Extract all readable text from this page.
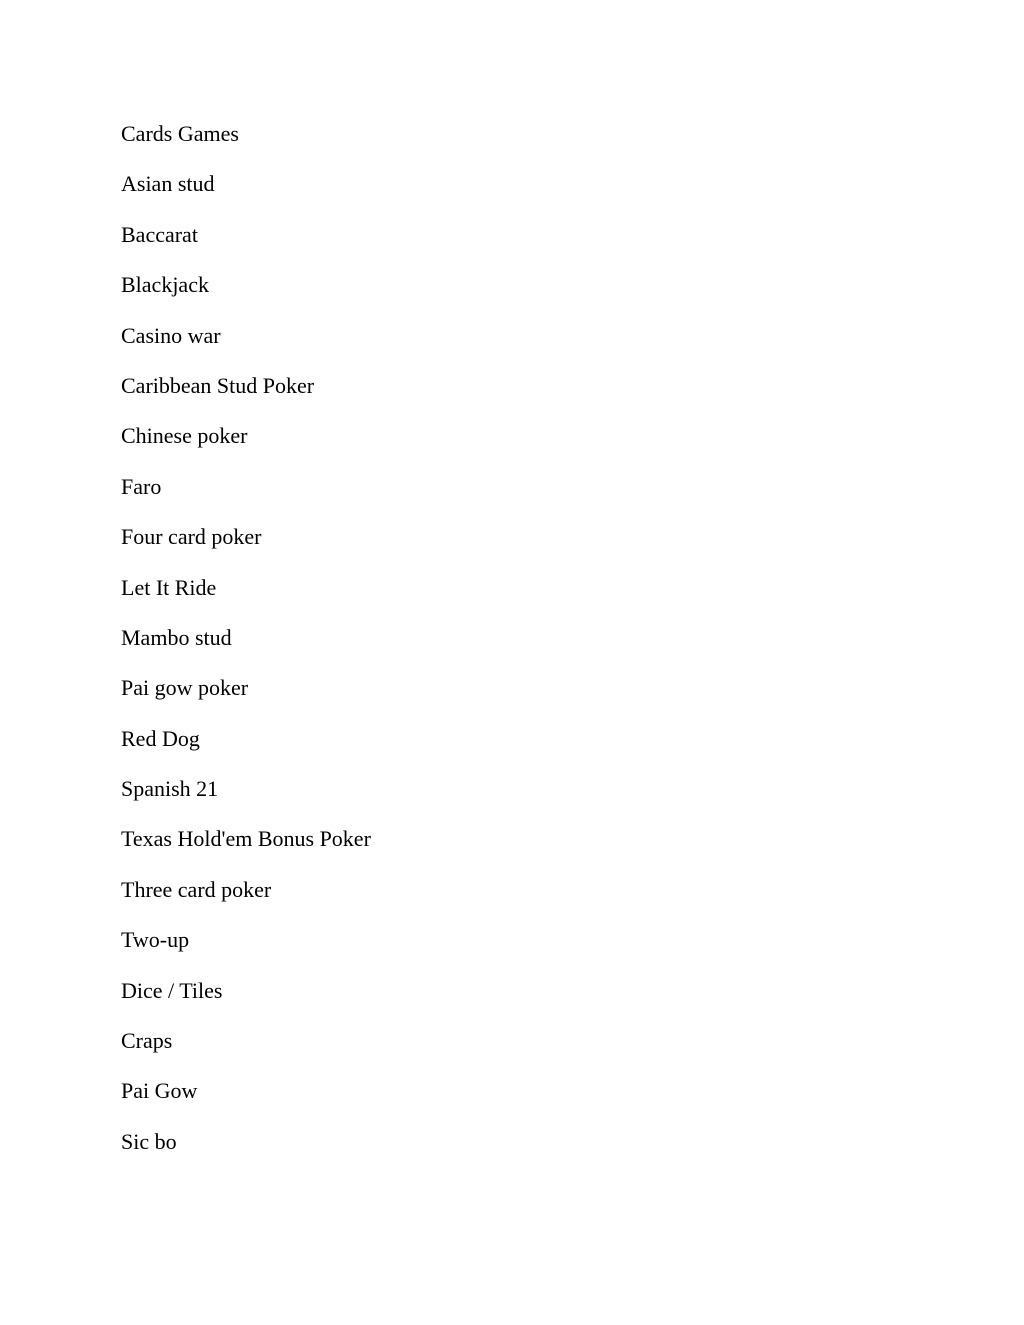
Cards Games
Asian stud
Baccarat
Blackjack
Casino war
Caribbean Stud Poker
Chinese poker
Faro
Four card poker
Let It Ride
Mambo stud
Pai gow poker
Red Dog
Spanish 21
Texas Hold'em Bonus Poker
Three card poker
Two-up
Dice / Tiles
Craps
Pai Gow
Sic bo
